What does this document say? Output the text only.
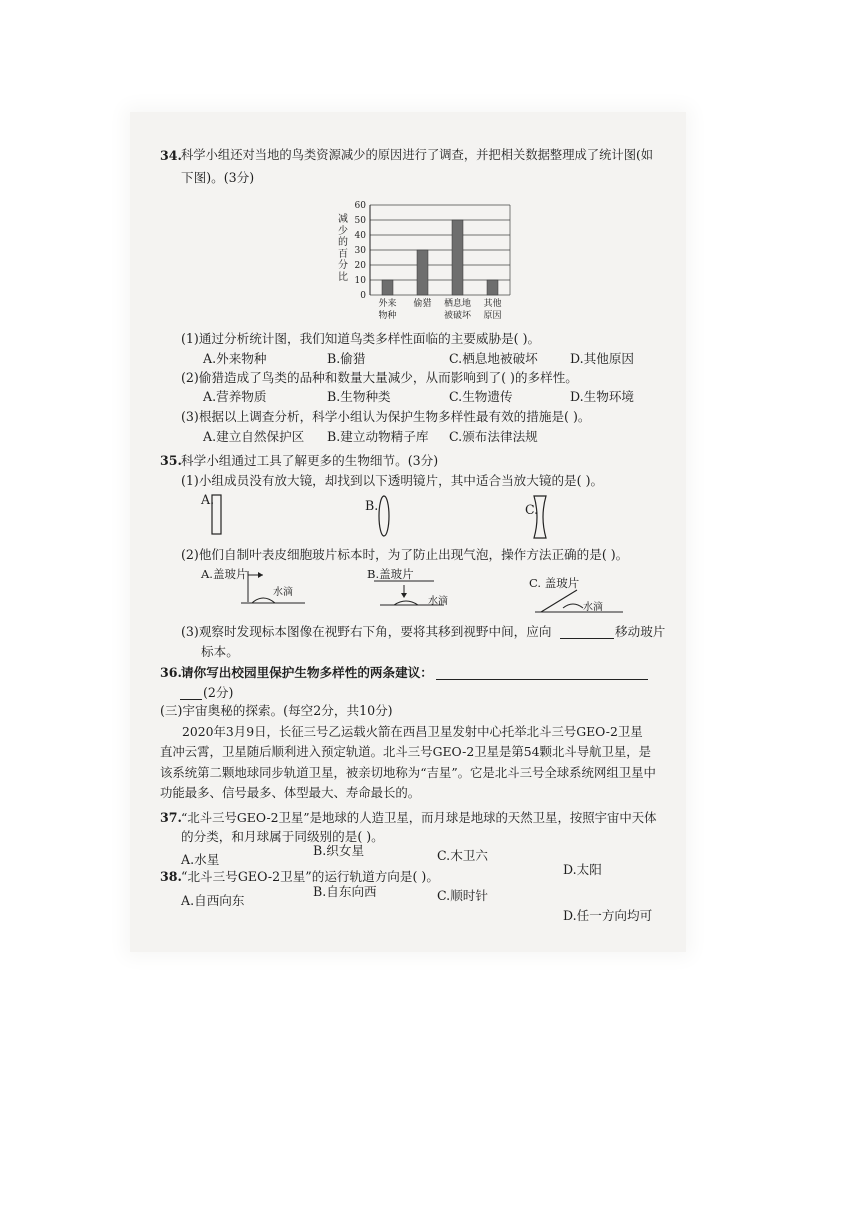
34. 科学小组还对当地的鸟类资源减少的原因进行了调查，并把相关数据整理成了统计图(如
下图)。(3分)
减少的百分比
0
10
20
30
40
50
60
外来
物种
偷猎 栖息地
被破坏
其他
原因
(1)通过分析统计图，我们知道鸟类多样性面临的主要威胁是( )。
A.外来物种	B.偷猎	C.栖息地被破坏	D.其他原因
(2)偷猎造成了鸟类的品种和数量大量减少，从而影响到了( )的多样性。
A.营养物质	B.生物种类	C.生物遗传	D.生物环境
(3)根据以上调查分析，科学小组认为保护生物多样性最有效的措施是( )。
A.建立自然保护区 B.建立动物精子库 C.颁布法律法规
35. 科学小组通过工具了解更多的生物细节。(3分)
(1)小组成员没有放大镜，却找到以下透明镜片，其中适合当放大镜的是( )。
A.	B.	C.
(2)他们自制叶表皮细胞玻片标本时，为了防止出现气泡，操作方法正确的是( )。
A.盖玻片
水滴
B.盖玻片
水滴
C. 盖玻片
水滴
(3)观察时发现标本图像在视野右下角，要将其移到视野中间，应向	移动玻片
标本。
36. 请你写出校园里保护生物多样性的两条建议：
(2分)
(三)宇宙奥秘的探索。(每空2分，共10分)
2020年3月9日，长征三号乙运载火箭在西昌卫星发射中心托举北斗三号GEO-2卫星
直冲云霄，卫星随后顺利进入预定轨道。北斗三号GEO-2卫星是第54颗北斗导航卫星，是
该系统第二颗地球同步轨道卫星，被亲切地称为“吉星”。它是北斗三号全球系统网组卫星中
功能最多、信号最多、体型最大、寿命最长的。
37. “北斗三号GEO-2卫星”是地球的人造卫星，而月球是地球的天然卫星，按照宇宙中天体
的分类，和月球属于同级别的是( )。
A.水星
B.织女星	C.木卫六
D.太阳
38. “北斗三号GEO-2卫星”的运行轨道方向是( )。
A.自西向东
B.自东向西	C.顺时针
D.任一方向均可
